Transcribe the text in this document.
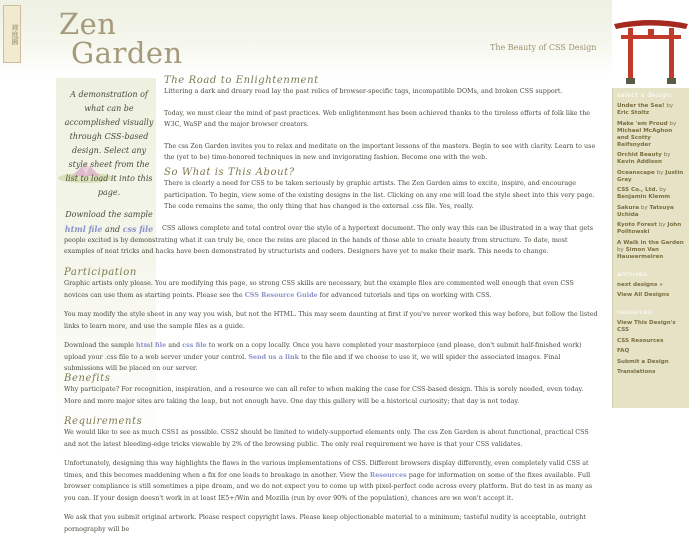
禅庭園 Zen
Garden	The Beauty of CSS Design

A demonstration of what can be accomplished visually through CSS-based design. Select any style sheet from the list to load it into this page.

Download the sample html file and css file

The Road to Enlightenment

Littering a dark and dreary road lay the past relics of browser-specific tags, incompatible DOMs, and broken CSS support.

Today, we must clear the mind of past practices. Web enlightenment has been achieved thanks to the tireless efforts of folk like the W3C, WaSP and the major browser creators.

The css Zen Garden invites you to relax and meditate on the important lessons of the masters. Begin to see with clarity. Learn to use the (yet to be) time-honored techniques in new and invigorating fashion. Become one with the web.

So What is This About?

There is clearly a need for CSS to be taken seriously by graphic artists. The Zen Garden aims to excite, inspire, and encourage participation. To begin, view some of the existing designs in the list. Clicking on any one will load the style sheet into this very page. The code remains the same, the only thing that has changed is the external .css file. Yes, really.

CSS allows complete and total control over the style of a hypertext document. The only way this can be illustrated in a way that gets people excited is by demonstrating what it can truly be, once the reins are placed in the hands of those able to create beauty from structure. To date, most examples of neat tricks and hacks have been demonstrated by structurists and coders. Designers have yet to make their mark. This needs to change.

Participation

Graphic artists only please. You are modifying this page, so strong CSS skills are necessary, but the example files are commented well enough that even CSS novices can use them as starting points. Please see the CSS Resource Guide for advanced tutorials and tips on working with CSS.

You may modify the style sheet in any way you wish, but not the HTML. This may seem daunting at first if you've never worked this way before, but follow the listed links to learn more, and use the sample files as a guide.

Download the sample html file and css file to work on a copy locally. Once you have completed your masterpiece (and please, don't submit half-finished work) upload your .css file to a web server under your control. Send us a link to the file and if we choose to use it, we will spider the associated images. Final submissions will be placed on our server.

Benefits

Why participate? For recognition, inspiration, and a resource we can all refer to when making the case for CSS-based design. This is sorely needed, even today. More and more major sites are taking the leap, but not enough have. One day this gallery will be a historical curiosity; that day is not today.

Requirements

We would like to see as much CSS1 as possible. CSS2 should be limited to widely-supported elements only. The css Zen Garden is about functional, practical CSS and not the latest bleeding-edge tricks viewable by 2% of the browsing public. The only real requirement we have is that your CSS validates.

Unfortunately, designing this way highlights the flaws in the various implementations of CSS. Different browsers display differently, even completely valid CSS at times, and this becomes maddening when a fix for one leads to breakage in another. View the Resources page for information on some of the fixes available. Full browser compliance is still sometimes a pipe dream, and we do not expect you to come up with pixel-perfect code across every platform. But do test in as many as you can. If your design doesn't work in at least IE5+/Win and Mozilla (run by over 90% of the population), chances are we won't accept it.

We ask that you submit original artwork. Please respect copyright laws. Please keep objectionable material to a minimum; tasteful nudity is acceptable, outright pornography will be

select a design:
Under the Sea! by Eric Stoltz
Make 'em Proud by Michael McAghon and Scotty Reifsnyder
Orchid Beauty by Kevin Addison
Oceanscape by Justin Gray
CSS Co., Ltd. by Benjamin Klemm
Sakura by Tatsuya Uchida
Kyoto Forest by John Politowski
A Walk in the Garden by Simon Van Hauwermeiren
archives:
next designs »
View All Designs
resources:
View This Design's CSS
CSS Resources
FAQ
Submit a Design
Translations
